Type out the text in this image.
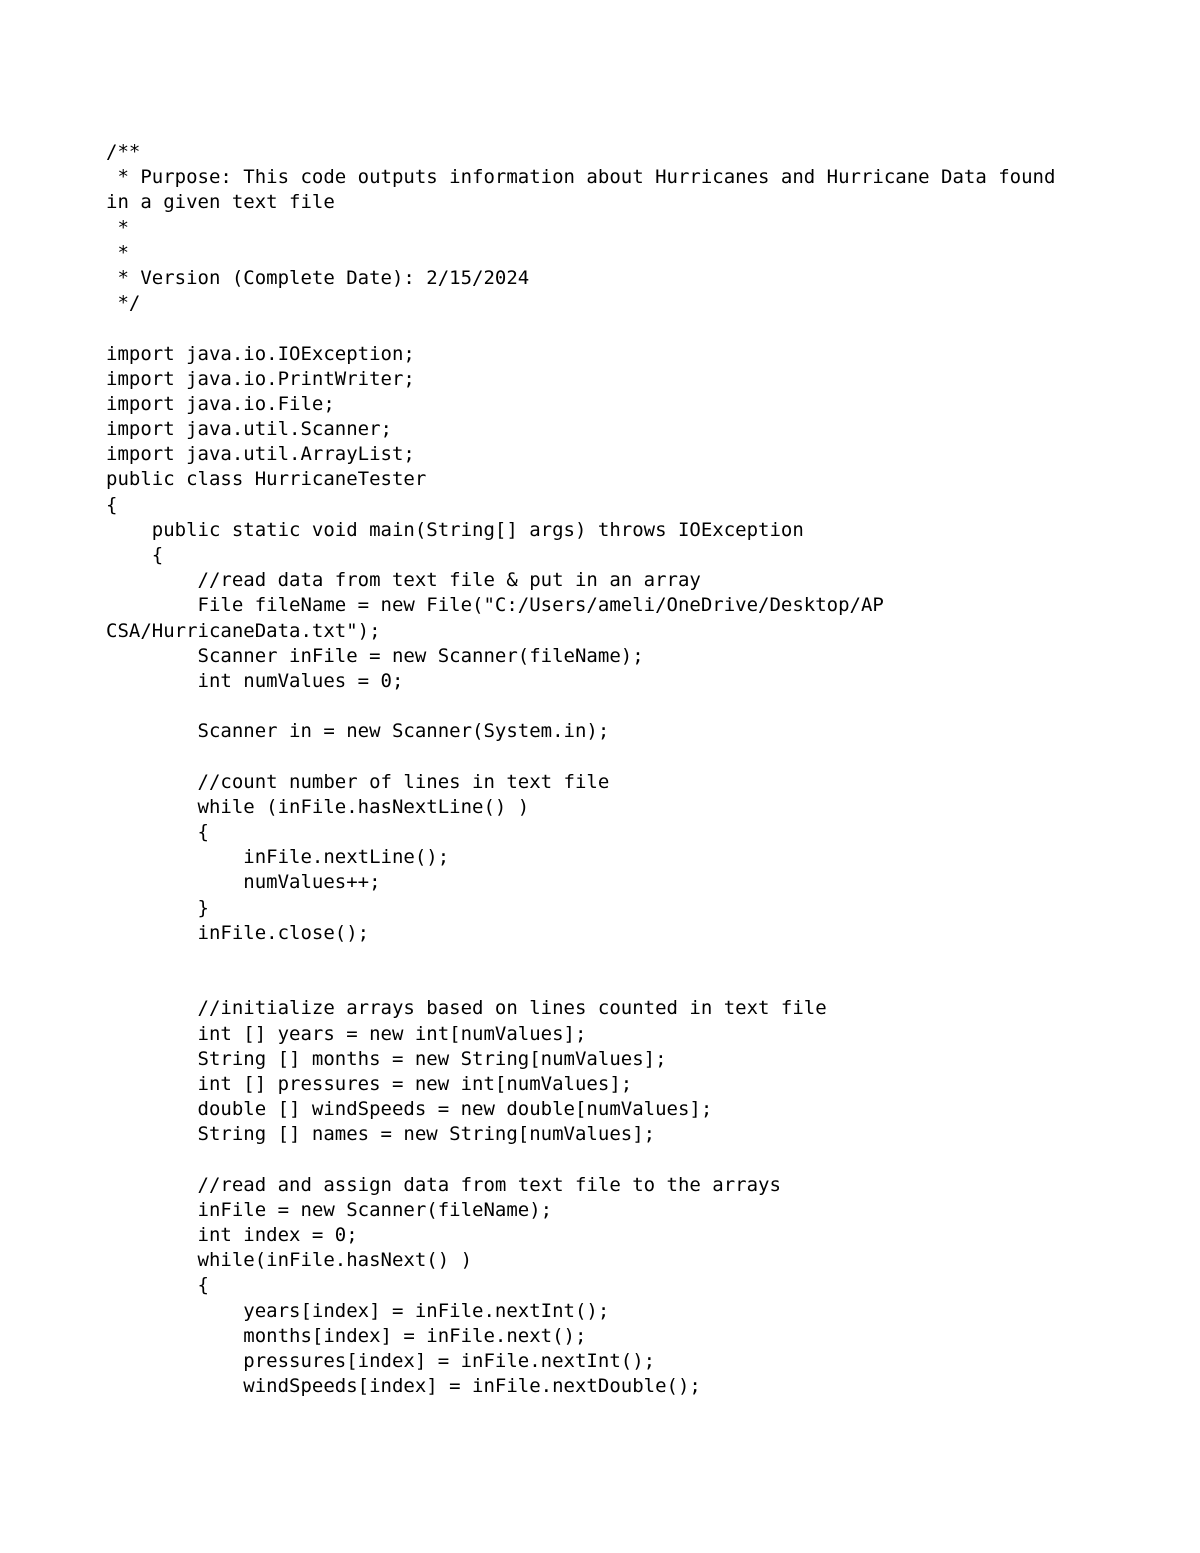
/**
* Purpose: This code outputs information about Hurricanes and Hurricane Data found
in a given text file
*
*
* Version (Complete Date): 2/15/2024
*/
import java.io.IOException;
import java.io.PrintWriter;
import java.io.File;
import java.util.Scanner;
import java.util.ArrayList;
public class HurricaneTester
{
public static void main(String[] args) throws IOException
{
//read data from text file & put in an array
File fileName = new File("C:/Users/ameli/OneDrive/Desktop/AP
CSA/HurricaneData.txt");
Scanner inFile = new Scanner(fileName);
int numValues = 0;
Scanner in = new Scanner(System.in);
//count number of lines in text file
while (inFile.hasNextLine() )
{
inFile.nextLine();
numValues++;
}
inFile.close();
//initialize arrays based on lines counted in text file
int [] years = new int[numValues];
String [] months = new String[numValues];
int [] pressures = new int[numValues];
double [] windSpeeds = new double[numValues];
String [] names = new String[numValues];
//read and assign data from text file to the arrays
inFile = new Scanner(fileName);
int index = 0;
while(inFile.hasNext() )
{
years[index] = inFile.nextInt();
months[index] = inFile.next();
pressures[index] = inFile.nextInt();
windSpeeds[index] = inFile.nextDouble();
